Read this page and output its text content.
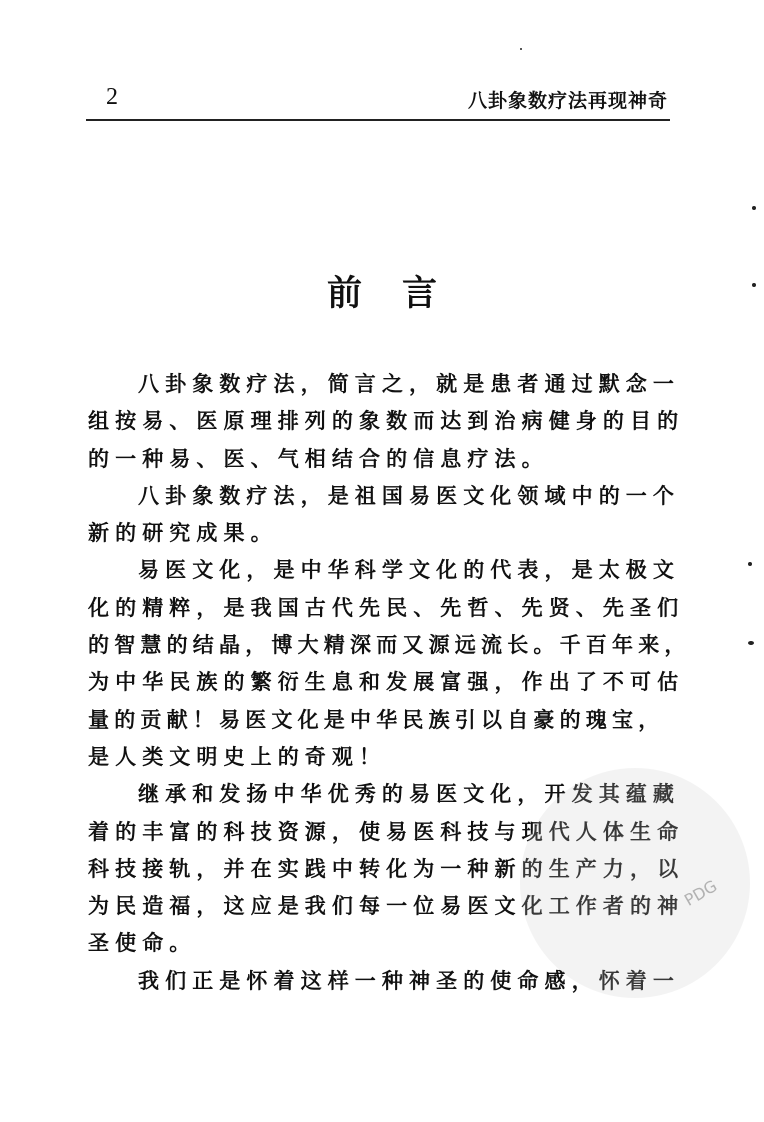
2	八卦象数疗法再现神奇
前 言
八卦象数疗法，简言之，就是患者通过默念一
组按易、医原理排列的象数而达到治病健身的目的
的一种易、医、气相结合的信息疗法。
八卦象数疗法，是祖国易医文化领域中的一个
新的研究成果。
易医文化，是中华科学文化的代表，是太极文
化的精粹，是我国古代先民、先哲、先贤、先圣们
的智慧的结晶，博大精深而又源远流长。千百年来，
为中华民族的繁衍生息和发展富强，作出了不可估
量的贡献！易医文化是中华民族引以自豪的瑰宝，
是人类文明史上的奇观！
继承和发扬中华优秀的易医文化，开发其蕴藏
着的丰富的科技资源，使易医科技与现代人体生命
科技接轨，并在实践中转化为一种新的生产力，以
为民造福，这应是我们每一位易医文化工作者的神
圣使命。
我们正是怀着这样一种神圣的使命感，怀着一
PDG
